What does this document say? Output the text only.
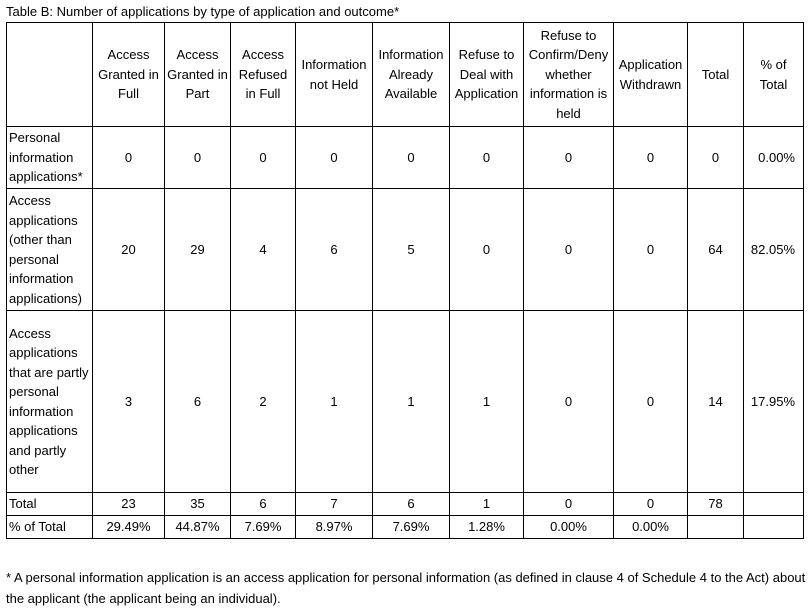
Table B: Number of applications by type of application and outcome*
	Access Granted in Full	Access Granted in Part	Access Refused in Full	Information not Held	Information Already Available	Refuse to Deal with Application	Refuse to Confirm/Deny whether information is held	Application Withdrawn	Total	% of Total
Personal information applications*	0	0	0	0	0	0	0	0	0	0.00%
Access applications (other than personal information applications)	20	29	4	6	5	0	0	0	64	82.05%
Access applications that are partly personal information applications and partly other	3	6	2	1	1	1	0	0	14	17.95%
Total	23	35	6	7	6	1	0	0	78	
% of Total	29.49%	44.87%	7.69%	8.97%	7.69%	1.28%	0.00%	0.00%		
* A personal information application is an access application for personal information (as defined in clause 4 of Schedule 4 to the Act) about the applicant (the applicant being an individual).
